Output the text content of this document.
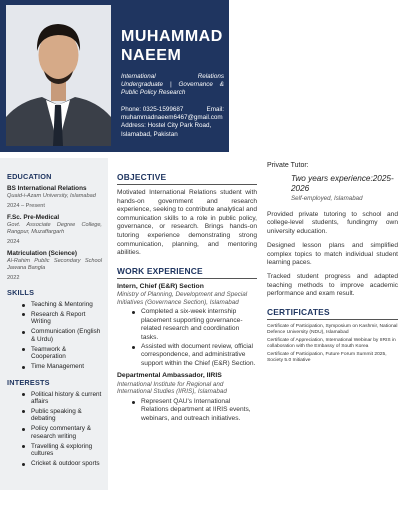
MUHAMMAD
NAEEM
International Relations Undergraduate | Governance & Public Policy Research
Phone: 0325-1599687	Email:
muhammadnaeem6467@gmail.com
Address: Hostel City Park Road, Islamabad, Pakistan
EDUCATION
BS International Relations
Quaid-i-Azam University, Islamabad
2024 – Present
F.Sc. Pre-Medical
Govt. Associate Degree College, Rangpur, Muzaffargarh
2024
Matriculation (Science)
Al-Rahim Public Secondary School Jawana Bangla
2022
SKILLS
Teaching & Mentoring
Research & Report Writing
Communication (English & Urdu)
Teamwork & Cooperation
Time Management
INTERESTS
Political history & current affairs
Public speaking & debating
Policy commentary & research writing
Travelling & exploring cultures
Cricket & outdoor sports
OBJECTIVE
Motivated International Relations student with hands-on government and research experience, seeking to contribute analytical and communication skills to a role in public policy, governance, or research. Brings hands-on tutoring experience demonstrating strong communication, planning, and mentoring abilities.
WORK EXPERIENCE
Intern, Chief (E&R) Section
Ministry of Planning, Development and Special Initiatives (Governance Section), Islamabad
Completed a six-week internship placement supporting governance-related research and coordination tasks.
Assisted with document review, official correspondence, and administrative support within the Chief (E&R) Section.
Departmental Ambassador, IIRIS
International Institute for Regional and International Studies (IIRIS), Islamabad
Represent QAU's International Relations department at IIRIS events, webinars, and outreach initiatives.
Private Tutor:
Two years experience:2025-2026
Self-employed, Islamabad
Provided private tutoring to school and college-level students, fundingmy own university education.
Designed lesson plans and simplified complex topics to match individual student learning paces.
Tracked student progress and adapted teaching methods to improve academic performance and exam result.
CERTIFICATES
Certificate of Participation, Symposium on Kashmir, National Defence University (NDU), Islamabad
Certificate of Appreciation, International Webinar by IIRIS in collaboration with the Embassy of South Korea
Certificate of Participation, Future Forum Summit 2025, Society 5.0 Initiative
